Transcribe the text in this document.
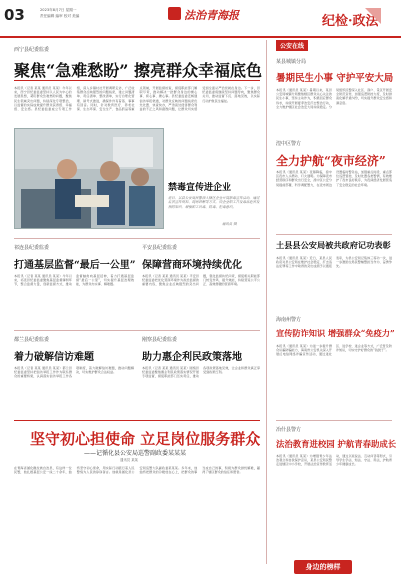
03	2023年8月7日 星期一
责任编辑 编审 校对 美编	法治青海报	纪检·政法
西宁县纪委监委
聚焦“急难愁盼” 擦亮群众幸福底色
本报讯（记者 某某 通讯员 某某）今年以来，西宁县纪委监委坚持以人民为中心的发展思想，紧盯群众急难愁盼问题，聚焦民生领域突出问题，持续深化专项整治，以监督的实际成效提升群众获得感、幸福感、安全感。县纪委监委成立专项工作组，深入乡镇村社开展调研走访，广泛收集群众反映强烈的问题线索，建立问题清单、责任清单、整改清单，实行台账化管理、销号式推进，确保件件有着落、事事有回音。同时，针对教育医疗、养老社保、生态环保、安全生产、食品药品等重点领域，开展监督检查，督促职能部门履职尽责，推动解决一批群众身边的操心事、烦心事、揪心事。县纪委监委还畅通信访举报渠道，对群众反映的问题线索优先处置、快查快办，严肃查处侵害群众利益的不正之风和腐败问题，让群众切实感受到全面从严治党就在身边。下一步，县纪委监委将继续坚持问题导向，聚焦群众关切，推动监督下沉、落地见效，以实际行动护航民生福祉。
禁毒宣传进企业
近日，某县公安局民警深入辖区企业开展禁毒宣传活动，通过发放宣传资料、现场讲解等方式，向企业职工普及毒品危害及预防知识，增强职工识毒、防毒、拒毒意识。
通讯员 摄
公安在线
某县城镇分局
暑期民生小事 守护平安大局
本报讯（通讯员 某某）暑期以来，某县公安局城镇分局聚焦辖区群众关心关注的民生小事，坚持主动作为，积极回应群众诉求，持续开展夏季治安打击整治行动，全力维护辖区社会治安大局持续稳定。分局组织民警深入社区、商户、景区开展安全防范宣传，加强巡逻防控力度，及时排查化解矛盾纠纷，切实提升群众安全感和满意度。
湟中区警方
全力护航“夜市经济”
本报讯（通讯员 某某）夜幕降临，湟中区夜市人头攒动、灯火通明。为保障夜市经营秩序和群众出行安全，湟中区公安分局提前部署，科学调配警力，在夜市周边设置临时警务站，加强重点时段、重点部位巡逻管控，及时处置各类警情，有效维护了夜市良好秩序，为夜间经济发展营造了安全稳定的社会环境。
土县县公安局被共政府记功表彰
本报讯（通讯员 某某）近日，某县人民政府对县公安局在维护社会稳定、打击违法犯罪等工作中取得的突出成绩予以通报表彰，为县公安局记集体三等功一次，进一步激励全局民警辅警担当作为、奋勇争先。
祁连县纪委监委
打通基层监督“最后一公里”
本报讯（记者 某某 通讯员 某某）今年以来，祁连县纪委监委聚焦基层监督薄弱环节，整合监督力量，创新监督方式，推动监督触角向基层延伸，着力打通基层监督“最后一公里”，切实提升基层治理效能，为群众办实事、解难题。
平安县纪委监委
保障营商环境持续优化
本报讯（记者 某某 通讯员 某某）平安县纪委监委把优化营商环境作为政治监督的重要内容，聚焦企业反映强烈的突出问题，强化监督执纪问责，督促相关职能部门转变作风、提升效能，持续营造公平公正、高效便捷的营商环境。
都兰县纪委监委
着力破解信访难题
本报讯（记者 某某 通讯员 某某）都兰县纪委监委坚持把信访举报工作作为联系群众的重要桥梁，认真落实信访举报工作各项制度，着力破解信访难题，推动问题解决，切实维护群众合法权益。
刚察县纪委监委
助力惠企利民政策落地
本报讯（记者 某某 通讯员 某某）刚察县纪委监委聚焦惠企利民政策落实情况开展专项监督，督促职能部门压实责任，推动各项政策落地见效，让企业和群众真正享受到政策红利。
海南州警方
宣传防诈知识 增强群众“免疫力”
本报讯（通讯员 某某）为进一步提升群众识骗防骗能力，海南州公安机关深入开展反电信网络诈骗宣传活动，通过进社区、进学校、进企业等方式，广泛普及防诈知识，切实守护好群众的“钱袋子”。
坚守初心担使命 立足岗位服务群众
——记循化县公安局巡警副政委某某某
通讯员 某某
在青海省循化撒拉族自治县，有这样一位民警，他扎根基层公安一线二十余年，始终坚守初心使命，用实际行动践行着人民警察为人民的铮铮誓言。他就是循化县公安局巡警大队副政委某某某。多年来，他始终把群众的冷暖放在心上，把群众的事当成自己的事，积极为群众排忧解难，赢得了辖区群众的信任和赞誉。
身边的榜样
冶什县警方
法治教育进校园 护航青春助成长
本报讯（通讯员 某某）为增强青少年法治观念和自我保护意识，某县公安局民警走进辖区中小学校，开展法治宣传教育活动，通过以案说法、互动问答等形式，引导学生学法、知法、守法、用法，护航青少年健康成长。
